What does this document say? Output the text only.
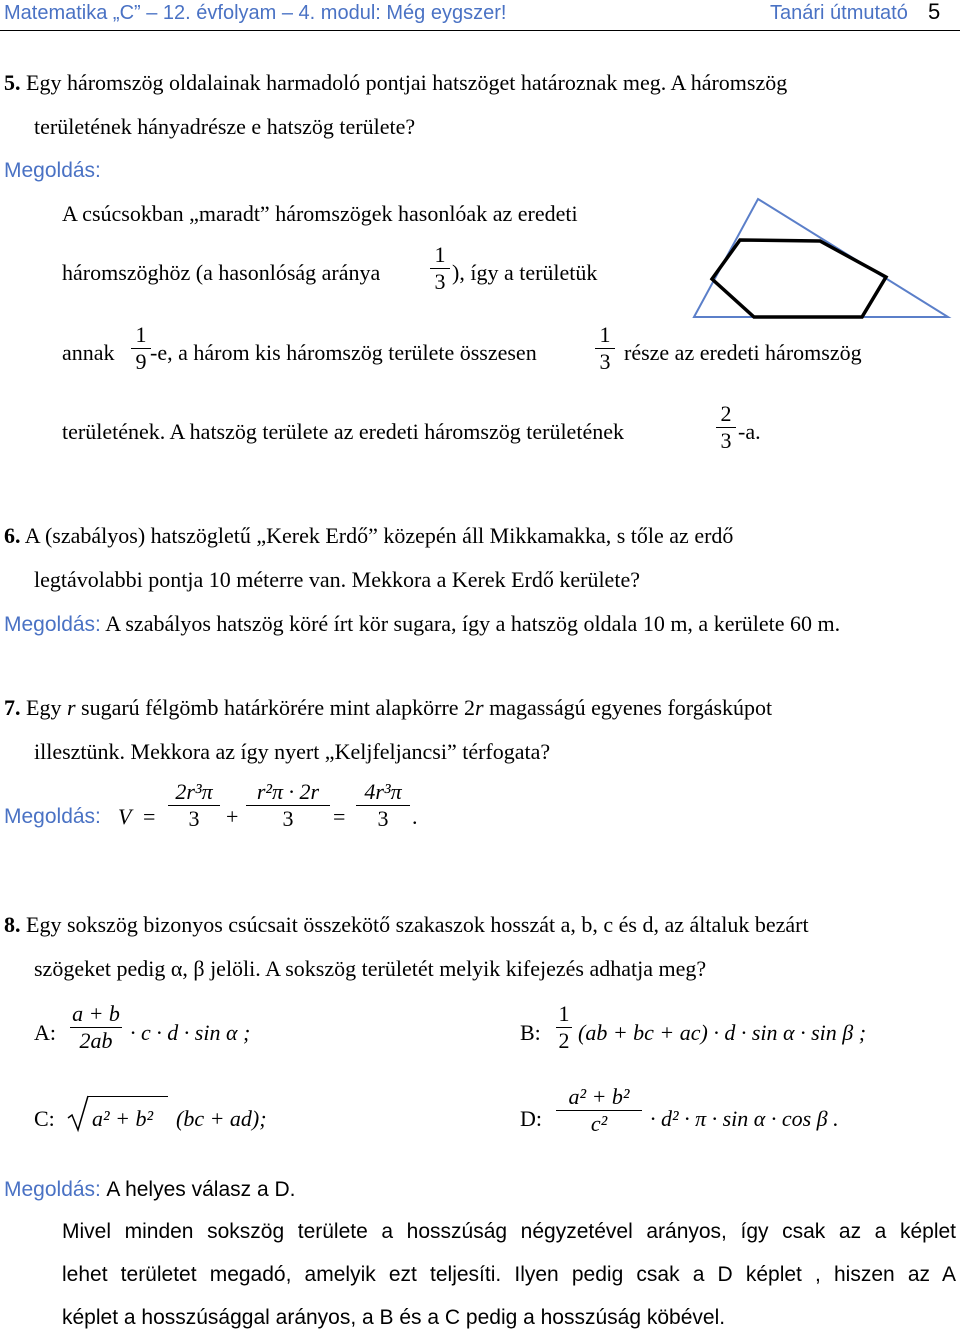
Matematika „C” – 12. évfolyam – 4. modul: Még eygszer!	Tanári útmutató 5
5. Egy háromszög oldalainak harmadoló pontjai hatszöget határoznak meg. A háromszög
területének hányadrésze e hatszög területe?
Megoldás:
A csúcsokban „maradt” háromszögek hasonlóak az eredeti
háromszöghöz (a hasonlóság aránya
1
3 ), így a területük
annak
1
9 -e, a három kis háromszög területe összesen
1
3 része az eredeti háromszög
területének. A hatszög területe az eredeti háromszög területének
2
3 -a.
6. A (szabályos) hatszögletű „Kerek Erdő” közepén áll Mikkamakka, s tőle az erdő
legtávolabbi pontja 10 méterre van. Mekkora a Kerek Erdő kerülete?
Megoldás: A szabályos hatszög köré írt kör sugara, így a hatszög oldala 10 m, a kerülete 60 m.
7. Egy r sugarú félgömb határkörére mint alapkörre 2r magasságú egyenes forgáskúpot
illesztünk. Mekkora az így nyert „Keljfeljancsi” térfogata?
Megoldás: V =
2r³π
3 +
r²π · 2r
3 =
4r³π
3 .
8. Egy sokszög bizonyos csúcsait összekötő szakaszok hosszát a, b, c és d, az általuk bezárt
szögeket pedig α, β jelöli. A sokszög területét melyik kifejezés adhatja meg?
A:
a + b
2ab · c · d · sin α ;	B:
1
2 (ab + bc + ac) · d · sin α · sin β ;
C: a² + b² (bc + ad);	D:
a² + b²
c² · d² · π · sin α · cos β .
Megoldás: A helyes válasz a D.
Mivel minden sokszög területe a hosszúság négyzetével arányos, így csak az a képlet
lehet területet megadó, amelyik ezt teljesíti. Ilyen pedig csak a D képlet , hiszen az A
képlet a hosszúsággal arányos, a B és a C pedig a hosszúság köbével.
